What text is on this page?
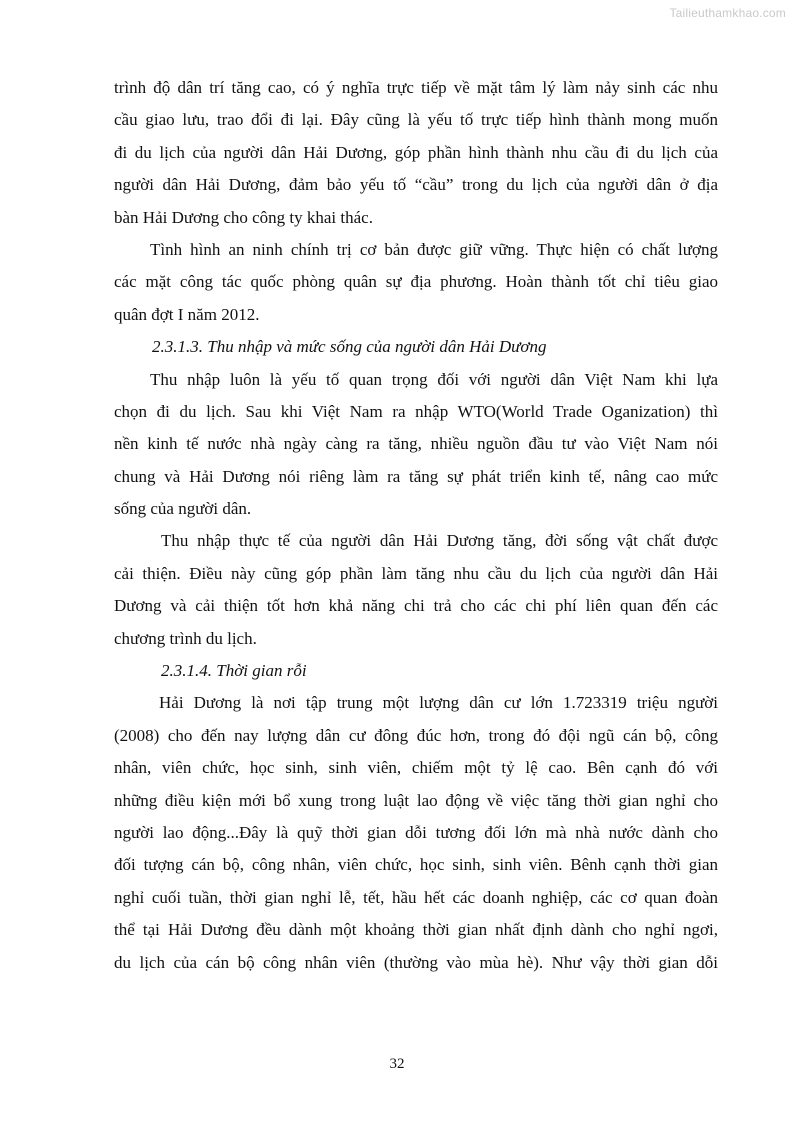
Tailieuthamkhao.com
trình độ dân trí tăng cao, có ý nghĩa trực tiếp về mặt tâm lý làm nảy sinh các nhu
cầu giao lưu, trao đổi đi lại. Đây cũng là yếu tố trực tiếp hình thành mong muốn
đi du lịch của người dân Hải Dương, góp phần hình thành nhu cầu đi du lịch của
người dân Hải Dương, đảm bảo yếu tố “cầu” trong du lịch của người dân ở địa
bàn Hải Dương cho công ty khai thác.
Tình hình an ninh chính trị cơ bản được giữ vững. Thực hiện có chất lượng
các mặt công tác quốc phòng quân sự địa phương. Hoàn thành tốt chỉ tiêu giao
quân đợt I năm 2012.
2.3.1.3. Thu nhập và mức sống của người dân Hải Dương
Thu nhập luôn là yếu tố quan trọng đối với người dân Việt Nam khi lựa
chọn đi du lịch. Sau khi Việt Nam ra nhập WTO(World Trade Oganization) thì
nền kinh tế nước nhà ngày càng ra tăng, nhiều nguồn đầu tư vào Việt Nam nói
chung và Hải Dương nói riêng làm ra tăng sự phát triển kinh tế, nâng cao mức
sống của người dân.
Thu nhập thực tế của người dân Hải Dương tăng, đời sống vật chất được
cải thiện. Điều này cũng góp phần làm tăng nhu cầu du lịch của người dân Hải
Dương và cải thiện tốt hơn khả năng chi trả cho các chi phí liên quan đến các
chương trình du lịch.
2.3.1.4. Thời gian rỗi
Hải Dương là nơi tập trung một lượng dân cư lớn 1.723319 triệu người
(2008) cho đến nay lượng dân cư đông đúc hơn, trong đó đội ngũ cán bộ, công
nhân, viên chức, học sinh, sinh viên, chiếm một tỷ lệ cao. Bên cạnh đó với
những điều kiện mới bổ xung trong luật lao động về việc tăng thời gian nghỉ cho
người lao động...Đây là quỹ thời gian dỗi tương đối lớn mà nhà nước dành cho
đối tượng cán bộ, công nhân, viên chức, học sinh, sinh viên. Bênh cạnh thời gian
nghỉ cuối tuần, thời gian nghỉ lễ, tết, hầu hết các doanh nghiệp, các cơ quan đoàn
thể tại Hải Dương đều dành một khoảng thời gian nhất định dành cho nghỉ ngơi,
du lịch của cán bộ công nhân viên (thường vào mùa hè). Như vậy thời gian dỗi
32
